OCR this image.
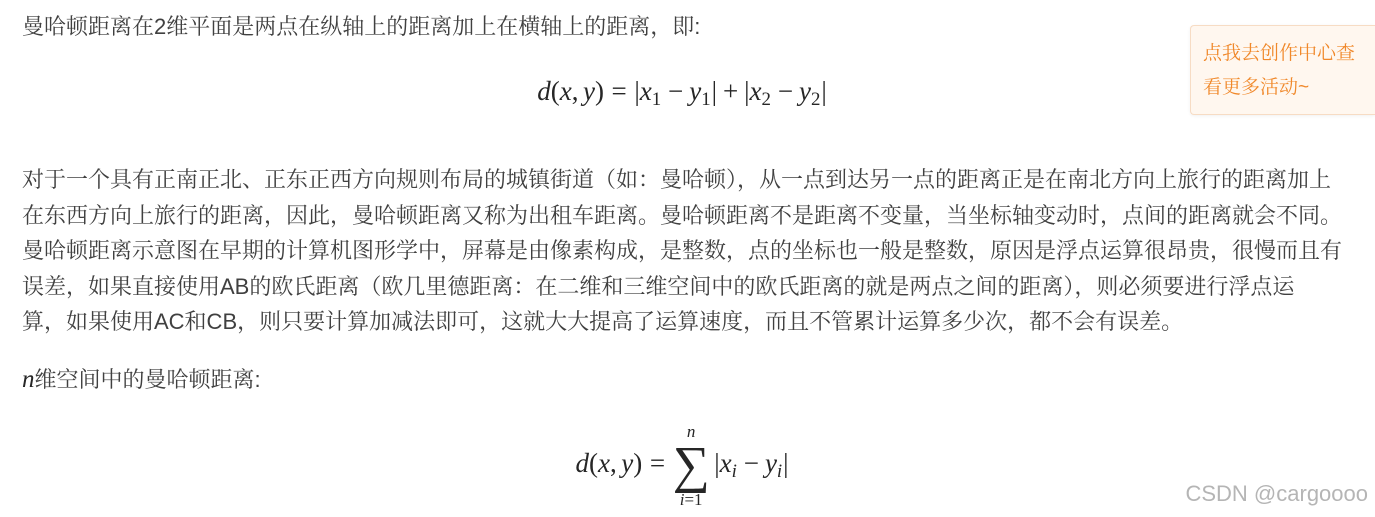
曼哈顿距离在2维平面是两点在纵轴上的距离加上在横轴上的距离，即:

d(x, y) = |x1 − y1| + |x2 − y2|
对于一个具有正南正北、正东正西方向规则布局的城镇街道（如：曼哈顿），从一点到达另一点的距离正是在南北方向上旅行的距离加上
在东西方向上旅行的距离，因此，曼哈顿距离又称为出租车距离。曼哈顿距离不是距离不变量，当坐标轴变动时，点间的距离就会不同。
曼哈顿距离示意图在早期的计算机图形学中，屏幕是由像素构成，是整数，点的坐标也一般是整数，原因是浮点运算很昂贵，很慢而且有
误差，如果直接使用AB的欧氏距离（欧几里德距离：在二维和三维空间中的欧氏距离的就是两点之间的距离），则必须要进行浮点运
算，如果使用AC和CB，则只要计算加减法即可，这就大大提高了运算速度，而且不管累计运算多少次，都不会有误差。

n维空间中的曼哈顿距离:

d(x, y) =
n
∑
i=1
|xi − yi|
点我去创作中心查看更多活动~
CSDN @cargoooo
